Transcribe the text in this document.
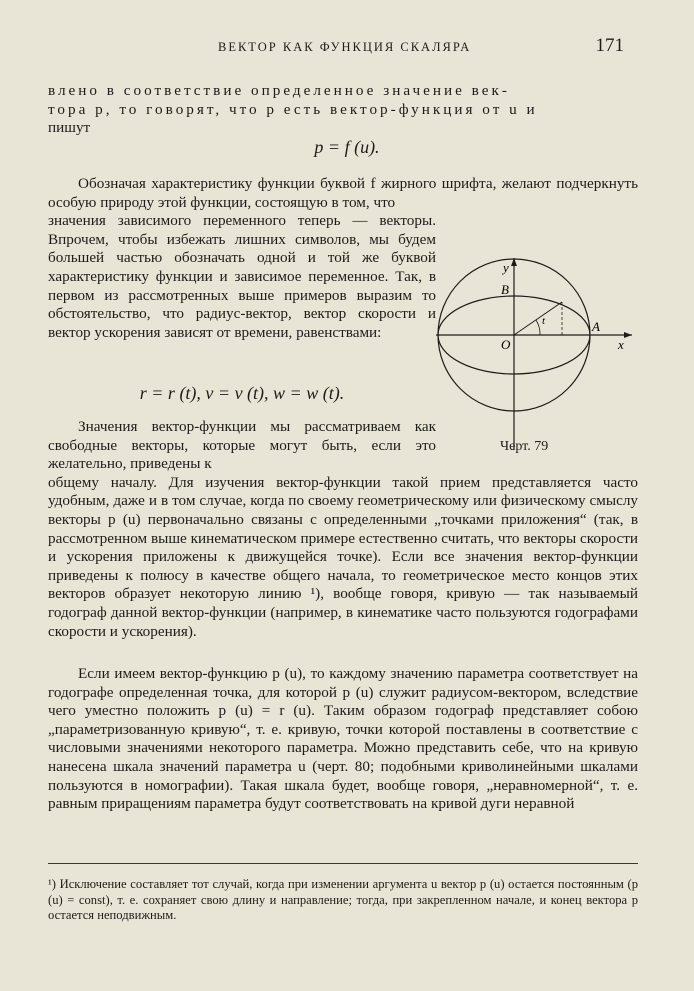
ВЕКТОР КАК ФУНКЦИЯ СКАЛЯРА	171

влено в соответствие определенное значение век-

тора p, то говорят, что p есть вектор-функция от u и

пишут

p = f (u).

Обозначая характеристику функции буквой f жирного шрифта, желают подчеркнуть особую природу этой функции, состоящую в том, что

значения зависимого переменного теперь — векторы. Впрочем, чтобы избежать лишних символов, мы будем большей частью обозначать одной и той же буквой характеристику функции и зависимое переменное. Так, в первом из рассмотренных выше примеров выразим то обстоятельство, что радиус-вектор, вектор скорости и вектор ускорения зависят от времени, равенствами:

r = r (t), v = v (t), w = w (t).
y
x
O
A
B
t
Черт. 79

Значения вектор-функции мы рассматриваем как свободные векторы, которые могут быть, если это желательно, приведены к

общему началу. Для изучения вектор-функции такой прием представляется часто удобным, даже и в том случае, когда по своему геометрическому или физическому смыслу векторы p (u) первоначально связаны с определенными „точками приложения“ (так, в рассмотренном выше кинематическом примере естественно считать, что векторы скорости и ускорения приложены к движущейся точке). Если все значения вектор-функции приведены к полюсу в качестве общего начала, то геометрическое место концов этих векторов образует некоторую линию ¹), вообще говоря, кривую — так называемый годограф данной вектор-функции (например, в кинематике часто пользуются годографами скорости и ускорения).

Если имеем вектор-функцию p (u), то каждому значению параметра соответствует на годографе определенная точка, для которой p (u) служит радиусом-вектором, вследствие чего уместно положить p (u) = r (u). Таким образом годограф представляет собою „параметризованную кривую“, т. е. кривую, точки которой поставлены в соответствие с числовыми значениями некоторого параметра. Можно представить себе, что на кривую нанесена шкала значений параметра u (черт. 80; подобными криволинейными шкалами пользуются в номографии). Такая шкала будет, вообще говоря, „неравномерной“, т. е. равным приращениям параметра будут соответствовать на кривой дуги неравной

¹) Исключение составляет тот случай, когда при изменении аргумента u вектор p (u) остается постоянным (p (u) = const), т. е. сохраняет свою длину и направление; тогда, при закрепленном начале, и конец вектора p остается неподвижным.
